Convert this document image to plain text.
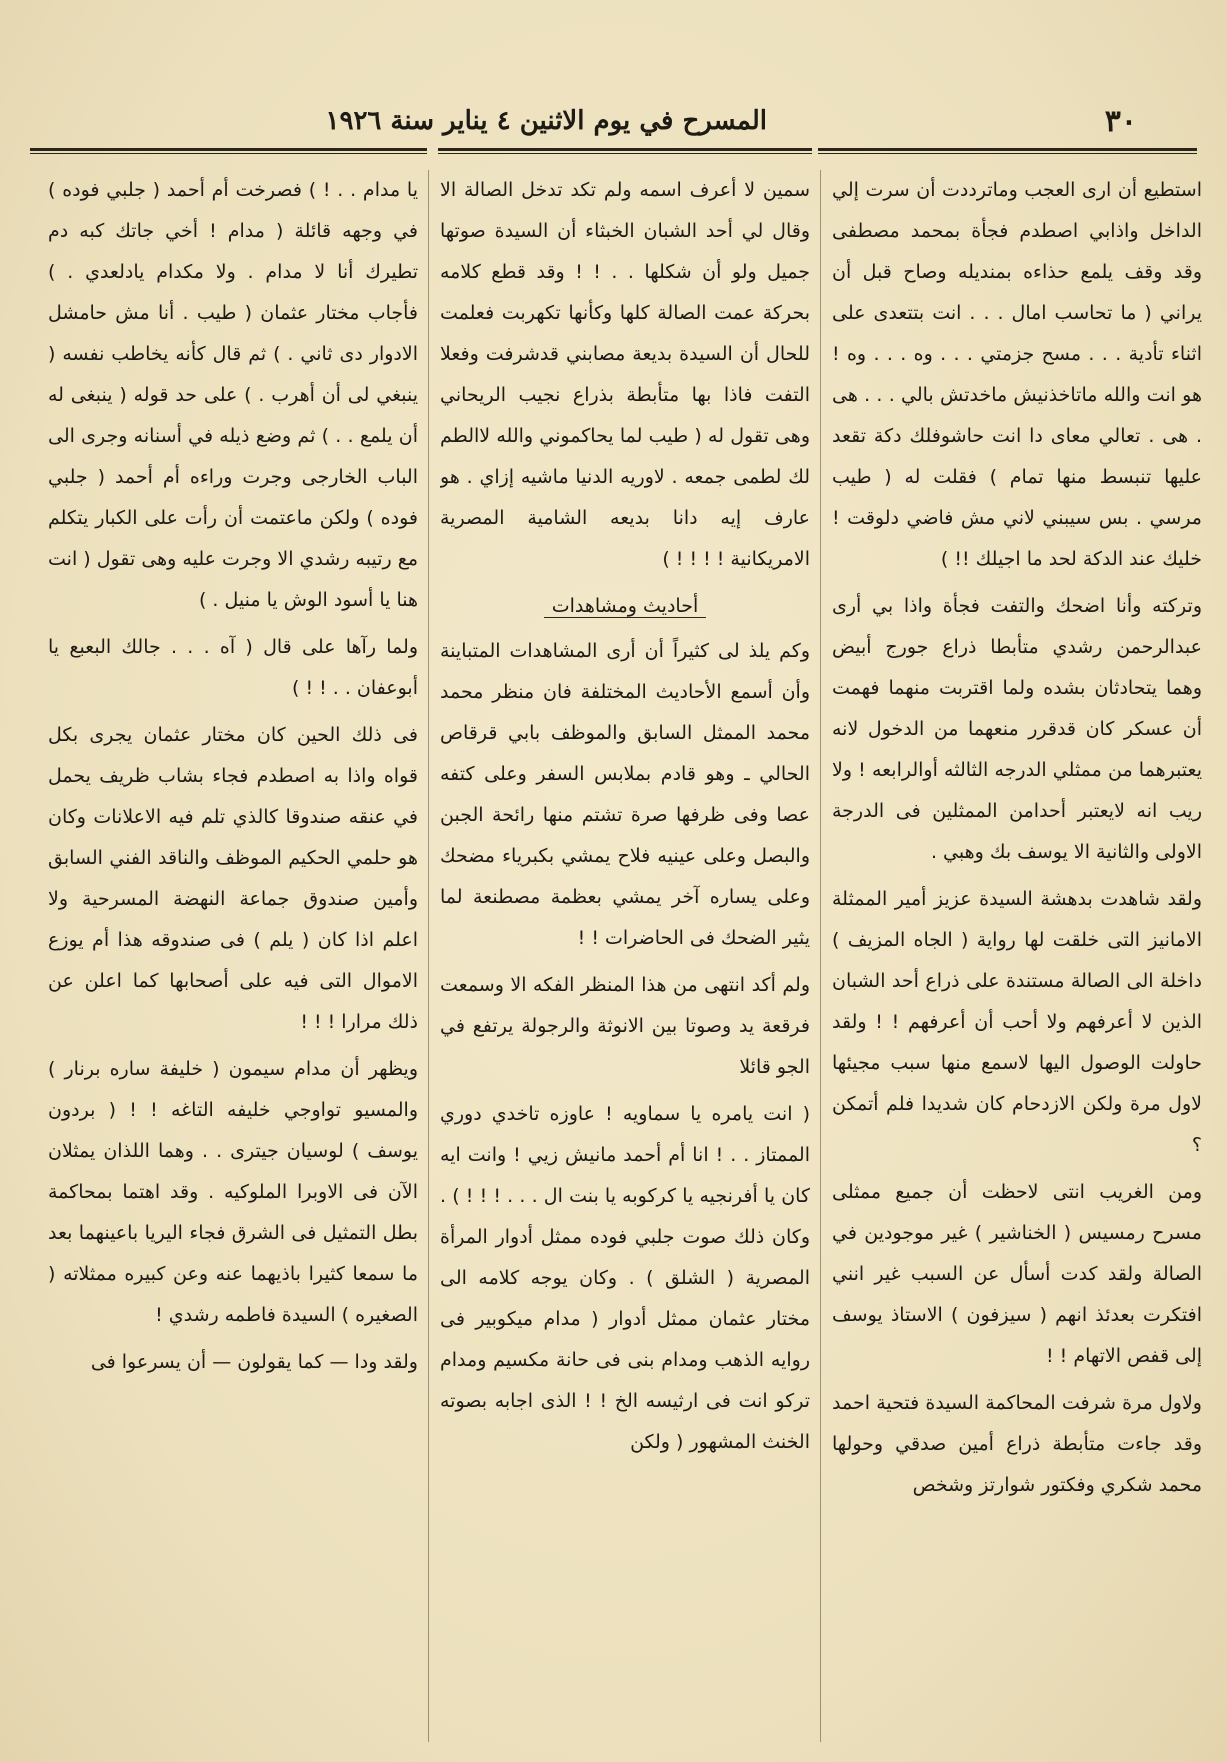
٣٠
المسرح في يوم الاثنين ٤ يناير سنة ١٩٢٦

استطيع أن ارى العجب وماترددت أن سرت إلي الداخل واذابي اصطدم فجأة بمحمد مصطفى وقد وقف يلمع حذاءه بمنديله وصاح قبل أن يراني ( ما تحاسب امال . . . انت بتتعدى على اثناء تأدية . . . مسح جزمتي . . . وه . . . وه ! هو انت والله ماتاخذنيش ماخدتش بالي . . . هى . هى . تعالي معاى دا انت حاشوفلك دكة تقعد عليها تنبسط منها تمام ) فقلت له ( طيب مرسي . بس سيبني لاني مش فاضي دلوقت ! خليك عند الدكة لحد ما اجيلك !! )

وتركته وأنا اضحك والتفت فجأة واذا بي أرى عبدالرحمن رشدي متأبطا ذراع جورج أبيض وهما يتحادثان بشده ولما اقتربت منهما فهمت أن عسكر كان قدقرر منعهما من الدخول لانه يعتبرهما من ممثلي الدرجه الثالثه أوالرابعه ! ولا ريب انه لايعتبر أحدامن الممثلين فى الدرجة الاولى والثانية الا يوسف بك وهبي .

ولقد شاهدت بدهشة السيدة عزيز أمير الممثلة الامانيز التى خلقت لها رواية ( الجاه المزيف ) داخلة الى الصالة مستندة على ذراع أحد الشبان الذين لا أعرفهم ولا أحب أن أعرفهم ! ! ولقد حاولت الوصول اليها لاسمع منها سبب مجيئها لاول مرة ولكن الازدحام كان شديدا فلم أتمكن ؟

ومن الغريب انتى لاحظت أن جميع ممثلى مسرح رمسيس ( الخناشير ) غير موجودين في الصالة ولقد كدت أسأل عن السبب غير انني افتكرت بعدئذ انهم ( سيزفون ) الاستاذ يوسف إلى قفص الاتهام ! !

ولاول مرة شرفت المحاكمة السيدة فتحية احمد وقد جاءت متأبطة ذراع أمين صدقي وحولها محمد شكري وفكتور شوارتز وشخص

سمين لا أعرف اسمه ولم تكد تدخل الصالة الا وقال لي أحد الشبان الخبثاء أن السيدة صوتها جميل ولو أن شكلها . . ! ! وقد قطع كلامه بحركة عمت الصالة كلها وكأنها تكهربت فعلمت للحال أن السيدة بديعة مصابني قدشرفت وفعلا التفت فاذا بها متأبطة بذراع نجيب الريحاني وهى تقول له ( طيب لما يحاكموني والله لاالطم لك لطمى جمعه . لاوريه الدنيا ماشيه إزاي . هو عارف إيه دانا بديعه الشامية المصرية الامريكانية ! ! ! ! )

أحاديث ومشاهدات

وكم يلذ لى كثيراً أن أرى المشاهدات المتباينة وأن أسمع الأحاديث المختلفة فان منظر محمد محمد الممثل السابق والموظف بابي قرقاص الحالي ـ وهو قادم بملابس السفر وعلى كتفه عصا وفى ظرفها صرة تشتم منها رائحة الجبن والبصل وعلى عينيه فلاح يمشي بكبرياء مضحك وعلى يساره آخر يمشي بعظمة مصطنعة لما يثير الضحك فى الحاضرات ! !

ولم أكد انتهى من هذا المنظر الفكه الا وسمعت فرقعة يد وصوتا بين الانوثة والرجولة يرتفع في الجو قائلا

( انت يامره يا سماويه ! عاوزه تاخدي دوري الممتاز . . ! انا أم أحمد مانيش زيي ! وانت ايه كان يا أفرنجيه يا كركوبه يا بنت ال . . . ! ! ! ) . وكان ذلك صوت جلبي فوده ممثل أدوار المرأة المصرية ( الشلق ) . وكان يوجه كلامه الى مختار عثمان ممثل أدوار ( مدام ميكوبير فى روايه الذهب ومدام بنى فى حانة مكسيم ومدام تركو انت فى ارثيسه الخ ! ! الذى اجابه بصوته الخنث المشهور ( ولكن

يا مدام . . ! ) فصرخت أم أحمد ( جلبي فوده ) في وجهه قائلة ( مدام ! أخي جاتك كبه دم تطيرك أنا لا مدام . ولا مكدام يادلعدي . ) فأجاب مختار عثمان ( طيب . أنا مش حامشل الادوار دى ثاني . ) ثم قال كأنه يخاطب نفسه ( ينبغي لى أن أهرب . ) على حد قوله ( ينبغى له أن يلمع . . ) ثم وضع ذيله في أسنانه وجرى الى الباب الخارجى وجرت وراءه أم أحمد ( جلبي فوده ) ولكن ماعتمت أن رأت على الكبار يتكلم مع رتيبه رشدي الا وجرت عليه وهى تقول ( انت هنا يا أسود الوش يا منيل . )

ولما رآها على قال ( آه . . . جالك البعبع يا أبوعفان . . ! ! )

فى ذلك الحين كان مختار عثمان يجرى بكل قواه واذا به اصطدم فجاء بشاب ظريف يحمل في عنقه صندوقا كالذي تلم فيه الاعلانات وكان هو حلمي الحكيم الموظف والناقد الفني السابق وأمين صندوق جماعة النهضة المسرحية ولا اعلم اذا كان ( يلم ) فى صندوقه هذا أم يوزع الاموال التى فيه على أصحابها كما اعلن عن ذلك مرارا ! ! !

ويظهر أن مدام سيمون ( خليفة ساره برنار ) والمسيو تواوجي خليفه التاغه ! ! ( بردون يوسف ) لوسيان جيترى . . وهما اللذان يمثلان الآن فى الاوبرا الملوكيه . وقد اهتما بمحاكمة بطل التمثيل فى الشرق فجاء اليريا باعينهما بعد ما سمعا كثيرا باذيهما عنه وعن كبيره ممثلاته ( الصغيره ) السيدة فاطمه رشدي !

ولقد ودا — كما يقولون — أن يسرعوا فى
